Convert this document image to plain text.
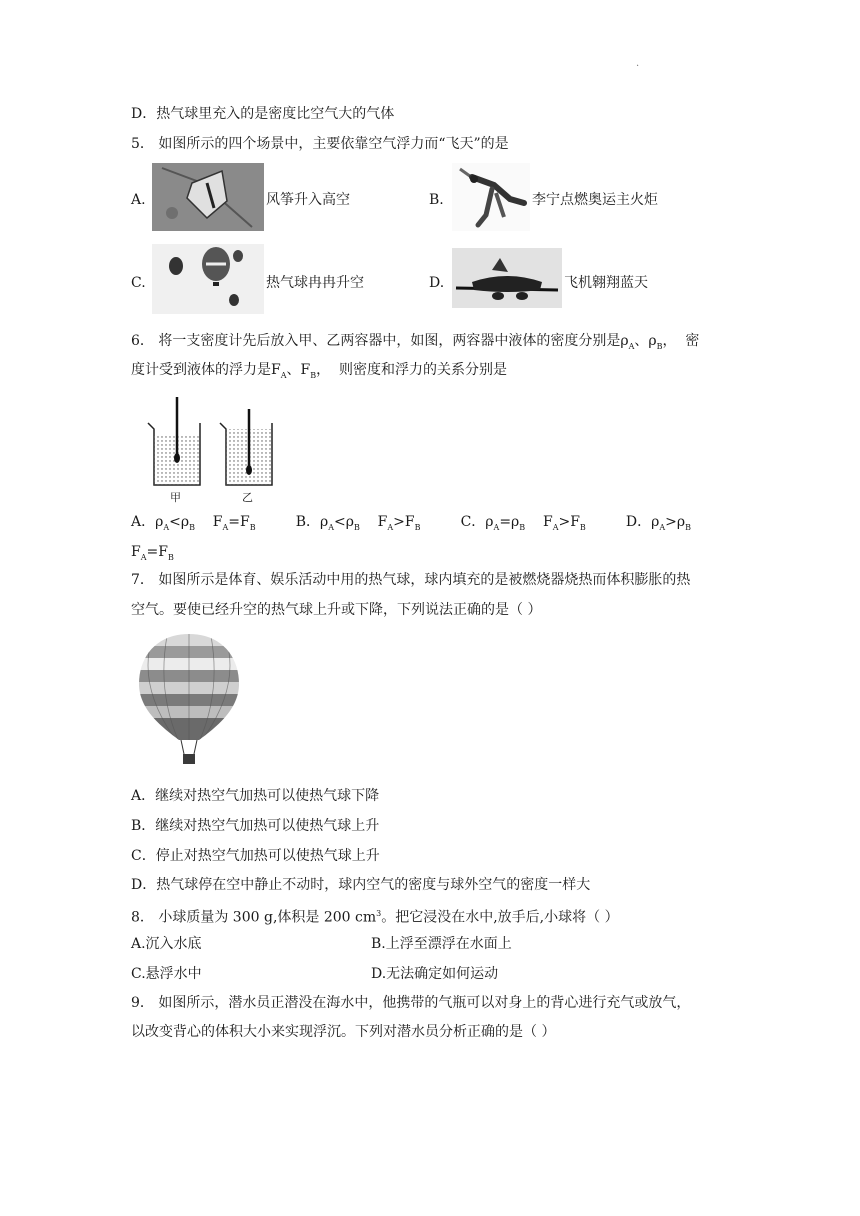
.
D．热气球里充入的是密度比空气大的气体
5． 如图所示的四个场景中，主要依靠空气浮力而“飞天”的是
A.	风筝升入高空	B.	李宁点燃奥运主火炬
C.	热气球冉冉升空	D.	飞机翱翔蓝天
6． 将一支密度计先后放入甲、乙两容器中，如图，两容器中液体的密度分别是$\rho_A$、$\rho_B$，  密
度计受到液体的浮力是$F_A$、$F_B$，  则密度和浮力的关系分别是
甲	乙
A．$\rho_A<\rho_B$    $F_A=F_B$	B．$\rho_A<\rho_B$    $F_A>F_B$	C．$\rho_A=\rho_B$    $F_A>F_B$	D．$\rho_A>\rho_B$
$F_A=F_B$
7． 如图所示是体育、娱乐活动中用的热气球，球内填充的是被燃烧器烧热而体积膨胀的热
空气。要使已经升空的热气球上升或下降，下列说法正确的是（ ）
A．继续对热空气加热可以使热气球下降
B．继续对热空气加热可以使热气球上升
C．停止对热空气加热可以使热气球上升
D．热气球停在空中静止不动时，球内空气的密度与球外空气的密度一样大
8． 小球质量为 300 g,体积是 200 $cm^3$。把它浸没在水中,放手后,小球将（ ）
A.沉入水底	B.上浮至漂浮在水面上
C.悬浮水中	D.无法确定如何运动
9． 如图所示，潜水员正潜没在海水中，他携带的气瓶可以对身上的背心进行充气或放气，
以改变背心的体积大小来实现浮沉。下列对潜水员分析正确的是（ ）
